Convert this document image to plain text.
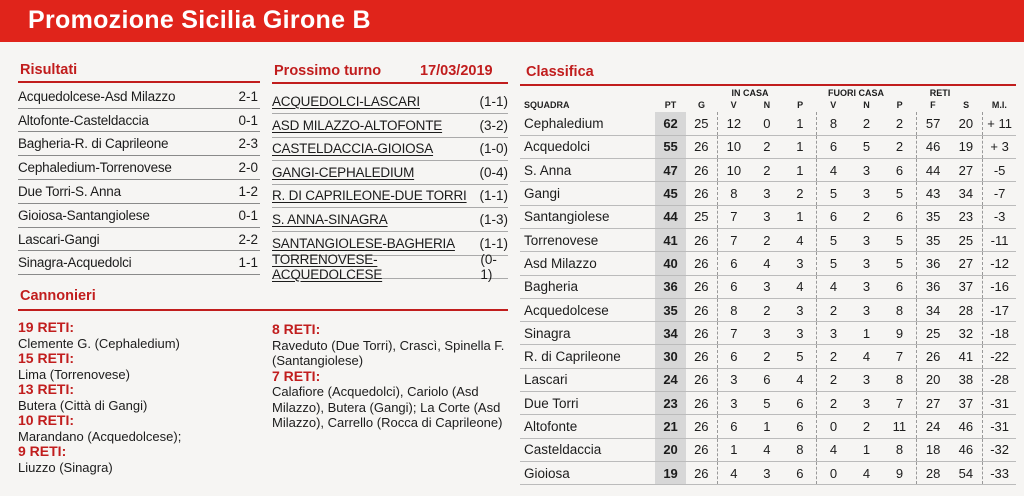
Promozione Sicilia Girone B
Risultati
Acquedolcese-Asd Milazzo	2-1
Altofonte-Casteldaccia	0-1
Bagheria-R. di Caprileone	2-3
Cephaledium-Torrenovese	2-0
Due Torri-S. Anna	1-2
Gioiosa-Santangiolese	0-1
Lascari-Gangi	2-2
Sinagra-Acquedolci	1-1
Prossimo turno	17/03/2019
ACQUEDOLCI-LASCARI	(1-1)
ASD MILAZZO-ALTOFONTE	(3-2)
CASTELDACCIA-GIOIOSA	(1-0)
GANGI-CEPHALEDIUM	(0-4)
R. DI CAPRILEONE-DUE TORRI (1-1)
S. ANNA-SINAGRA	(1-3)
SANTANGIOLESE-BAGHERIA (1-1)
TORRENOVESE-ACQUEDOLCESE
(0-1)
Cannonieri
19 RETI:
Clemente G. (Cephaledium)
15 RETI:
Lima (Torrenovese)
13 RETI:
Butera (Città di Gangi)
10 RETI:
Marandano (Acquedolcese);
9 RETI:
Liuzzo (Sinagra)
8 RETI:
Raveduto (Due Torri), Crascì, Spinella F. (Santangiolese)
7 RETI:
Calafiore (Acquedolci), Cariolo (Asd Milazzo), Butera (Gangi); La Corte (Asd Milazzo), Carrello (Rocca di Caprileone)
Classifica
IN CASA	FUORI CASA	RETI
SQUADRA	PT	G	V	N	P	V	N	P	F	S	M.I.
Cephaledium	62	25	12	0	1	8	2	2	57	20	+ 11
Acquedolci	55	26	10	2	1	6	5	2	46	19	+ 3
S. Anna	47	26	10	2	1	4	3	6	44	27	-5
Gangi	45	26	8	3	2	5	3	5	43	34	-7
Santangiolese	44	25	7	3	1	6	2	6	35	23	-3
Torrenovese	41	26	7	2	4	5	3	5	35	25	-11
Asd Milazzo	40	26	6	4	3	5	3	5	36	27	-12
Bagheria	36	26	6	3	4	4	3	6	36	37	-16
Acquedolcese	35	26	8	2	3	2	3	8	34	28	-17
Sinagra	34	26	7	3	3	3	1	9	25	32	-18
R. di Caprileone	30	26	6	2	5	2	4	7	26	41	-22
Lascari	24	26	3	6	4	2	3	8	20	38	-28
Due Torri	23	26	3	5	6	2	3	7	27	37	-31
Altofonte	21	26	6	1	6	0	2	11	24	46	-31
Casteldaccia	20	26	1	4	8	4	1	8	18	46	-32
Gioiosa	19	26	4	3	6	0	4	9	28	54	-33
